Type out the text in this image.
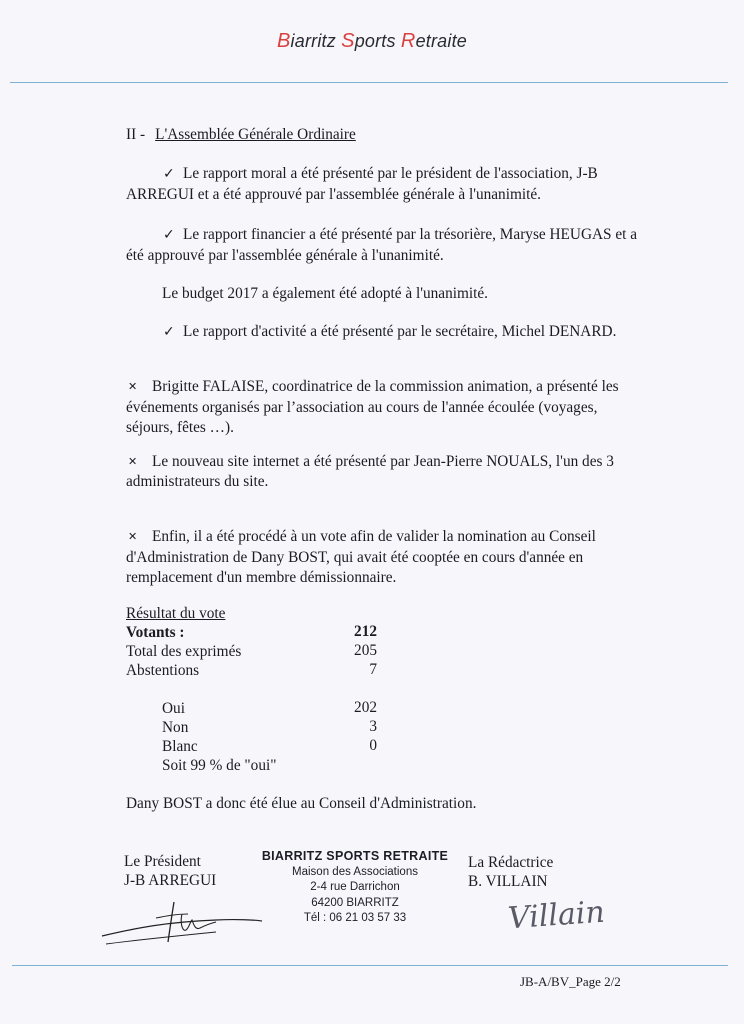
Biarritz Sports Retraite
II - L'Assemblée Générale Ordinaire
✓ Le rapport moral a été présenté par le président de l'association, J-B
ARREGUI et a été approuvé par l'assemblée générale à l'unanimité.
✓ Le rapport financier a été présenté par la trésorière, Maryse HEUGAS et a
été approuvé par l'assemblée générale à l'unanimité.
Le budget 2017 a également été adopté à l'unanimité.
✓ Le rapport d'activité a été présenté par le secrétaire, Michel DENARD.
✕ Brigitte FALAISE, coordinatrice de la commission animation, a présenté les
événements organisés par l’association au cours de l'année écoulée (voyages,
séjours, fêtes …).
✕ Le nouveau site internet a été présenté par Jean-Pierre NOUALS, l'un des 3
administrateurs du site.
✕ Enfin, il a été procédé à un vote afin de valider la nomination au Conseil
d'Administration de Dany BOST, qui avait été cooptée en cours d'année en
remplacement d'un membre démissionnaire.
Résultat du vote
Votants :	212
Total des exprimés	205
Abstentions	7
Oui	202
Non	3
Blanc	0
Soit 99 % de "oui"
Dany BOST a donc été élue au Conseil d'Administration.
Le Président
J-B ARREGUI
BIARRITZ SPORTS RETRAITE
Maison des Associations
2-4 rue Darrichon
64200 BIARRITZ
Tél : 06 21 03 57 33
La Rédactrice
B. VILLAIN
Villain
JB-A/BV_Page 2/2
